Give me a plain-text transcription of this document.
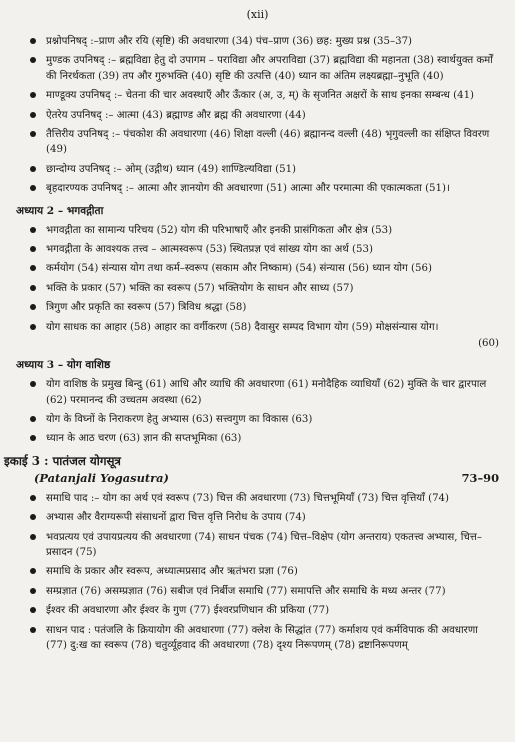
(xii)
प्रश्नोपनिषद् :–प्राण और रयि (सृष्टि) की अवधारणा (34) पंच–प्राण (36) छह: मुख्य प्रश्न (35–37)
मुण्डक उपनिषद् :– ब्रह्मविद्या हेतु दो उपागम – पराविद्या और अपराविद्या (37) ब्रह्मविद्या की महानता (38) स्वार्थयुक्त कर्मों की निरर्थकता (39) तप और गुरुभक्ति (40) सृष्टि की उत्पत्ति (40) ध्यान का अंतिम लक्ष्यब्रह्मा–नुभूति (40)
माण्डूक्य उपनिषद् :– चेतना की चार अवस्थाएँ और ऊँकार (अ, उ, म्) के सृजनित अक्षरों के साथ इनका सम्बन्ध (41)
ऐतरेय उपनिषद् :– आत्मा (43) ब्रह्माण्ड और ब्रह्म की अवधारणा (44)
तैत्तिरीय उपनिषद् :– पंचकोश की अवधारणा (46) शिक्षा वल्ली (46) ब्रह्मानन्द वल्ली (48) भृगुवल्ली का संक्षिप्त विवरण (49)
छान्दोग्य उपनिषद् :– ओम् (उद्गीथ) ध्यान (49) शाण्डिल्यविद्या (51)
बृहदारण्यक उपनिषद् :– आत्मा और ज्ञानयोग की अवधारणा (51) आत्मा और परमात्मा की एकात्मकता (51)।
अध्याय 2 – भगवद्गीता
भगवद्गीता का सामान्य परिचय (52) योग की परिभाषाएँ और इनकी प्रासंगिकता और क्षेत्र (53)
भगवद्गीता के आवश्यक तत्त्व – आत्मस्वरूप (53) स्थितप्रज्ञ एवं सांख्य योग का अर्थ (53)
कर्मयोग (54) संन्यास योग तथा कर्म–स्वरूप (सकाम और निष्काम) (54) संन्यास (56) ध्यान योग (56)
भक्ति के प्रकार (57) भक्ति का स्वरूप (57) भक्तियोग के साधन और साध्य (57)
त्रिगुण और प्रकृति का स्वरूप (57) त्रिविध श्रद्धा (58)
योग साधक का आहार (58) आहार का वर्गीकरण (58) दैवासुर सम्पद विभाग योग (59) मोक्षसंन्यास योग।
(60)
अध्याय 3 – योग वाशिष्ठ
योग वाशिष्ठ के प्रमुख बिन्दु (61) आधि और व्याधि की अवधारणा (61) मनोदैहिक व्याधियाँ (62) मुक्ति के चार द्वारपाल (62) परमानन्द की उच्चतम अवस्था (62)
योग के विघ्नों के निराकरण हेतु अभ्यास (63) सत्त्वगुण का विकास (63)
ध्यान के आठ चरण (63) ज्ञान की सप्तभूमिका (63)
इकाई 3 : पातंजल योगसूत्र
(Patanjali Yogasutra)	73–90
समाधि पाद :– योग का अर्थ एवं स्वरूप (73) चित्त की अवधारणा (73) चित्तभूमियाँ (73) चित्त वृत्तियाँ (74)
अभ्यास और वैराग्यरूपी संसाधनों द्वारा चित्त वृत्ति निरोध के उपाय (74)
भवप्रत्यय एवं उपायप्रत्यय की अवधारणा (74) साधन पंचक (74) चित्त–विक्षेप (योग अन्तराय) एकतत्त्व अभ्यास, चित्त–प्रसादन (75)
समाधि के प्रकार और स्वरूप, अध्यात्मप्रसाद और ऋतंभरा प्रज्ञा (76)
सम्प्रज्ञात (76) असम्प्रज्ञात (76) सबीज एवं निर्बीज समाधि (77) समापत्ति और समाधि के मध्य अन्तर (77)
ईश्वर की अवधारणा और ईश्वर के गुण (77) ईश्वरप्रणिधान की प्रकिया (77)
साधन पाद : पतंजलि के क्रियायोग की अवधारणा (77) क्लेश के सिद्धांत (77) कर्माशय एवं कर्मविपाक की अवधारणा (77) दु:ख का स्वरूप (78) चतुर्व्यूहवाद की अवधारणा (78) दृश्य निरूपणम् (78) द्रष्टानिरूपणम्
